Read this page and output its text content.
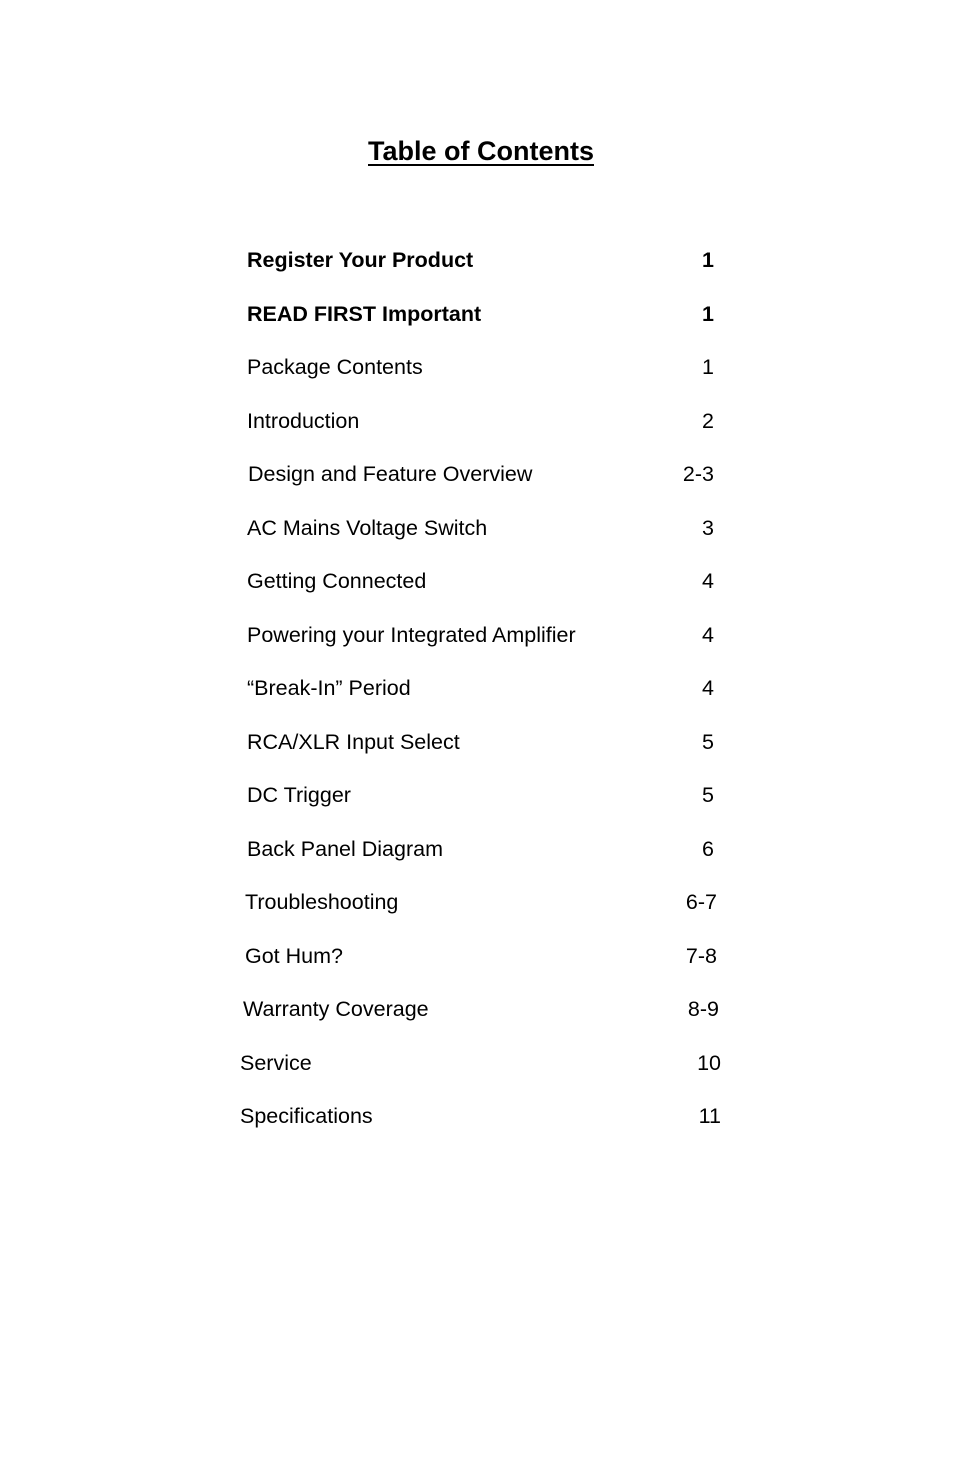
Table of Contents
Register Your Product	1
READ FIRST Important	1
Package Contents	1
Introduction	2
Design and Feature Overview	2-3
AC Mains Voltage Switch	3
Getting Connected	4
Powering your Integrated Amplifier	4
“Break-In” Period	4
RCA/XLR Input Select	5
DC Trigger	5
Back Panel Diagram	6
Troubleshooting	6-7
Got Hum?	7-8
Warranty Coverage	8-9
Service	10
Specifications	11
